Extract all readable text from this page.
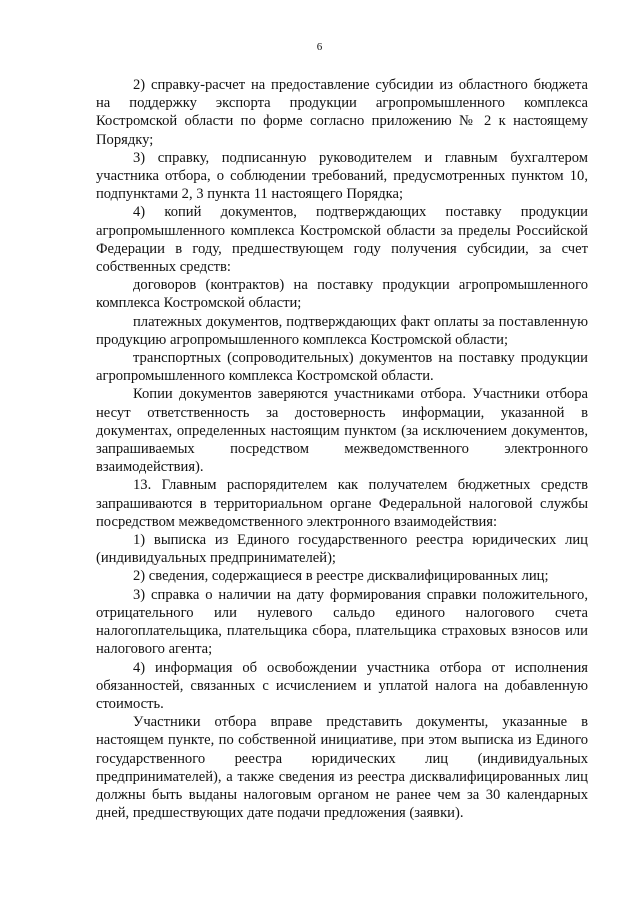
6

2) справку-расчет на предоставление субсидии из областного бюджета на поддержку экспорта продукции агропромышленного комплекса Костромской области по форме согласно приложению № 2 к настоящему Порядку;

3) справку, подписанную руководителем и главным бухгалтером участника отбора, о соблюдении требований, предусмотренных пунктом 10, подпунктами 2, 3 пункта 11 настоящего Порядка;

4) копий документов, подтверждающих поставку продукции агропромышленного комплекса Костромской области за пределы Российской Федерации в году, предшествующем году получения субсидии, за счет собственных средств:

договоров (контрактов) на поставку продукции агропромышленного комплекса Костромской области;

платежных документов, подтверждающих факт оплаты за поставленную продукцию агропромышленного комплекса Костромской области;

транспортных (сопроводительных) документов на поставку продукции агропромышленного комплекса Костромской области.

Копии документов заверяются участниками отбора. Участники отбора несут ответственность за достоверность информации, указанной в документах, определенных настоящим пунктом (за исключением документов, запрашиваемых посредством межведомственного электронного взаимодействия).

13. Главным распорядителем как получателем бюджетных средств запрашиваются в территориальном органе Федеральной налоговой службы посредством межведомственного электронного взаимодействия:

1) выписка из Единого государственного реестра юридических лиц (индивидуальных предпринимателей);

2) сведения, содержащиеся в реестре дисквалифицированных лиц;

3) справка о наличии на дату формирования справки положительного, отрицательного или нулевого сальдо единого налогового счета налогоплательщика, плательщика сбора, плательщика страховых взносов или налогового агента;

4) информация об освобождении участника отбора от исполнения обязанностей, связанных с исчислением и уплатой налога на добавленную стоимость.

Участники отбора вправе представить документы, указанные в настоящем пункте, по собственной инициативе, при этом выписка из Единого государственного реестра юридических лиц (индивидуальных предпринимателей), а также сведения из реестра дисквалифицированных лиц должны быть выданы налоговым органом не ранее чем за 30 календарных дней, предшествующих дате подачи предложения (заявки).
